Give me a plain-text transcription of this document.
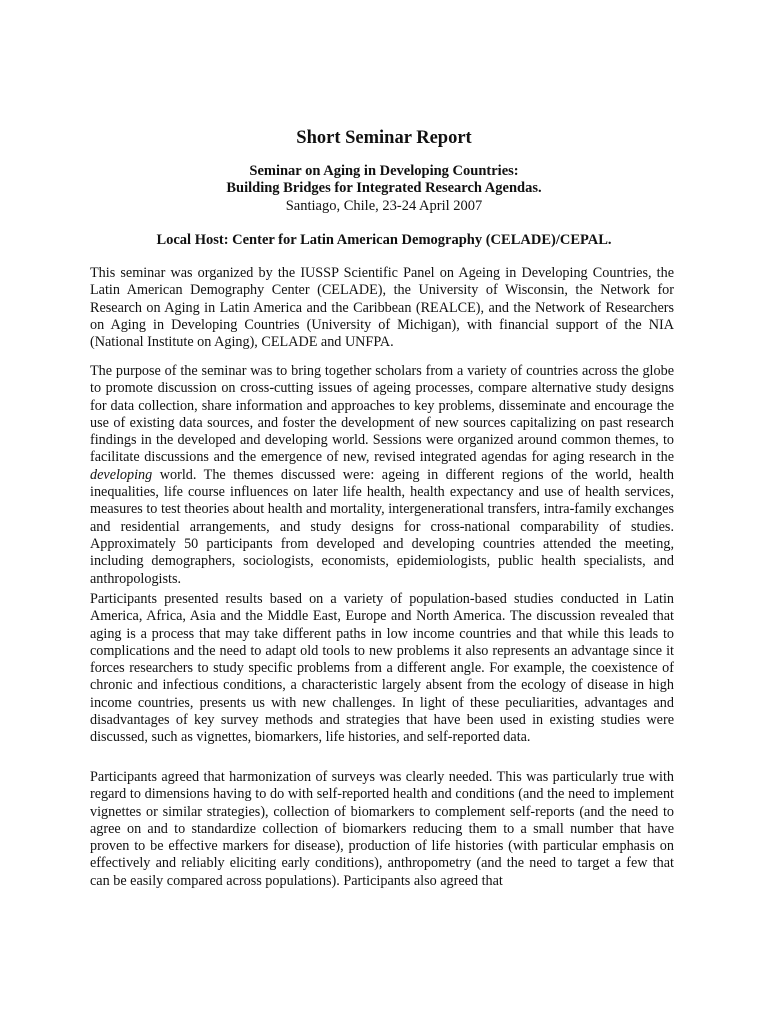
Short Seminar Report
Seminar on Aging in Developing Countries:
Building Bridges for Integrated Research Agendas.

Santiago, Chile, 23-24 April 2007

Local Host: Center for Latin American Demography (CELADE)/CEPAL.

This seminar was organized by the IUSSP Scientific Panel on Ageing in Developing Countries, the Latin American Demography Center (CELADE), the University of Wisconsin, the Network for Research on Aging in Latin America and the Caribbean (REALCE), and the Network of Researchers on Aging in Developing Countries (University of Michigan), with financial support of the NIA (National Institute on Aging), CELADE and UNFPA.

The purpose of the seminar was to bring together scholars from a variety of countries across the globe to promote discussion on cross-cutting issues of ageing processes, compare alternative study designs for data collection, share information and approaches to key problems, disseminate and encourage the use of existing data sources, and foster the development of new sources capitalizing on past research findings in the developed and developing world. Sessions were organized around common themes, to facilitate discussions and the emergence of new, revised integrated agendas for aging research in the developing world. The themes discussed were: ageing in different regions of the world, health inequalities, life course influences on later life health, health expectancy and use of health services, measures to test theories about health and mortality, intergenerational transfers, intra-family exchanges and residential arrangements, and study designs for cross-national comparability of studies. Approximately 50 participants from developed and developing countries attended the meeting, including demographers, sociologists, economists, epidemiologists, public health specialists, and anthropologists.

Participants presented results based on a variety of population-based studies conducted in Latin America, Africa, Asia and the Middle East, Europe and North America. The discussion revealed that aging is a process that may take different paths in low income countries and that while this leads to complications and the need to adapt old tools to new problems it also represents an advantage since it forces researchers to study specific problems from a different angle. For example, the coexistence of chronic and infectious conditions, a characteristic largely absent from the ecology of disease in high income countries, presents us with new challenges. In light of these peculiarities, advantages and disadvantages of key survey methods and strategies that have been used in existing studies were discussed, such as vignettes, biomarkers, life histories, and self-reported data.

Participants agreed that harmonization of surveys was clearly needed. This was particularly true with regard to dimensions having to do with self-reported health and conditions (and the need to implement vignettes or similar strategies), collection of biomarkers to complement self-reports (and the need to agree on and to standardize collection of biomarkers reducing them to a small number that have proven to be effective markers for disease), production of life histories (with particular emphasis on effectively and reliably eliciting early conditions), anthropometry (and the need to target a few that can be easily compared across populations). Participants also agreed that
